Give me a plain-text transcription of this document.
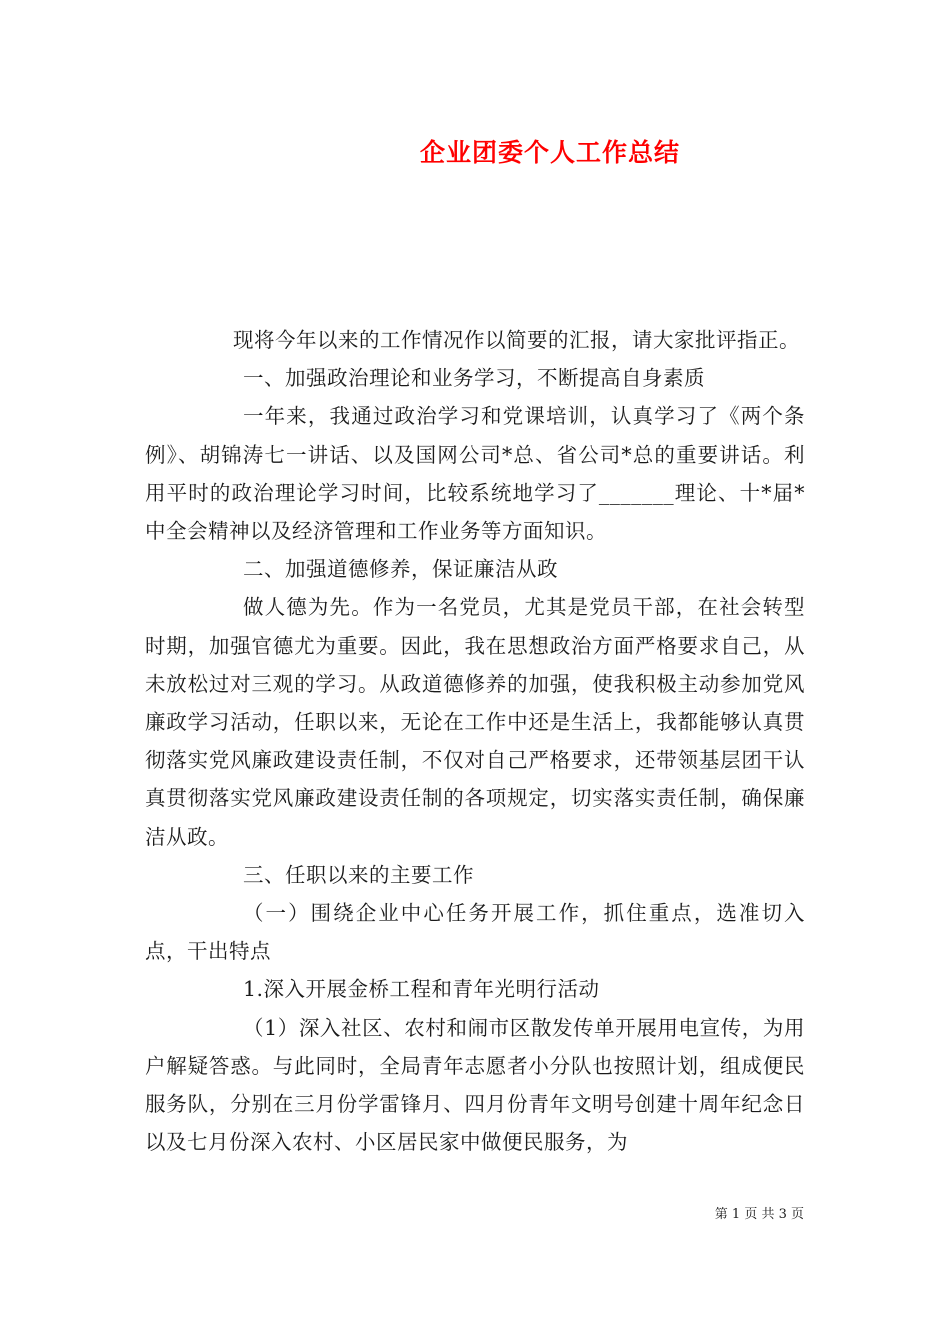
企业团委个人工作总结

现将今年以来的工作情况作以简要的汇报，请大家批评指正。

一、加强政治理论和业务学习，不断提高自身素质

一年来，我通过政治学习和党课培训，认真学习了《两个条例》、胡锦涛七一讲话、以及国网公司*总、省公司*总的重要讲话。利用平时的政治理论学习时间，比较系统地学习了_______理论、十*届*中全会精神以及经济管理和工作业务等方面知识。

二、加强道德修养，保证廉洁从政

做人德为先。作为一名党员，尤其是党员干部，在社会转型时期，加强官德尤为重要。因此，我在思想政治方面严格要求自己，从未放松过对三观的学习。从政道德修养的加强，使我积极主动参加党风廉政学习活动，任职以来，无论在工作中还是生活上，我都能够认真贯彻落实党风廉政建设责任制，不仅对自己严格要求，还带领基层团干认真贯彻落实党风廉政建设责任制的各项规定，切实落实责任制，确保廉洁从政。

三、任职以来的主要工作

（一）围绕企业中心任务开展工作，抓住重点，选准切入点，干出特点

1.深入开展金桥工程和青年光明行活动

（1）深入社区、农村和闹市区散发传单开展用电宣传，为用户解疑答惑。与此同时，全局青年志愿者小分队也按照计划，组成便民服务队，分别在三月份学雷锋月、四月份青年文明号创建十周年纪念日以及七月份深入农村、小区居民家中做便民服务，为

第 1 页 共 3 页
